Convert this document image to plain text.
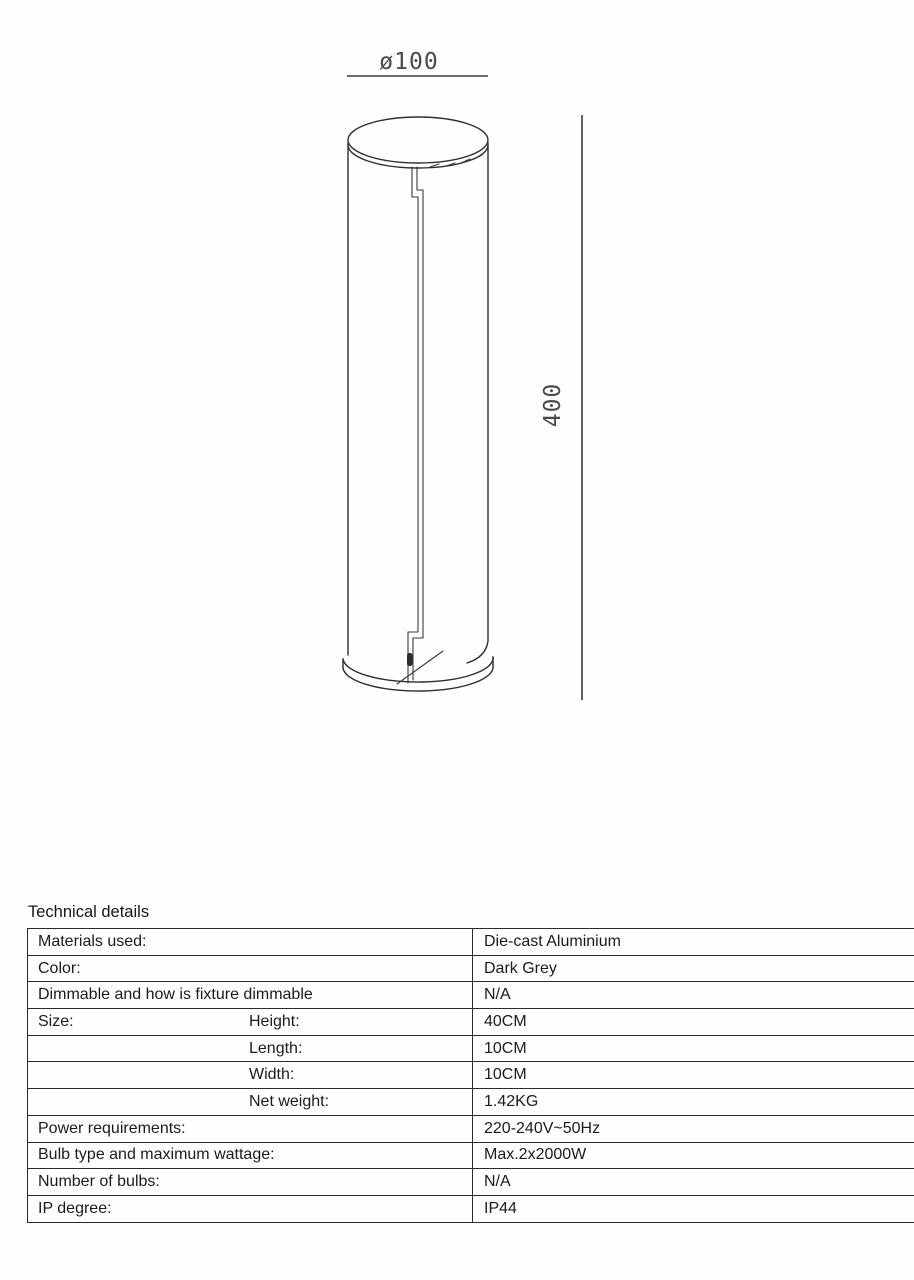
ø100
400
Technical details
Materials used:	Die-cast Aluminium
Color:	Dark Grey
Dimmable and how is fixture dimmable	N/A
Size: Height:	40CM
Length:	10CM
Width:	10CM
Net weight:	1.42KG
Power requirements:	220-240V~50Hz
Bulb type and maximum wattage:	Max.2x2000W
Number of bulbs:	N/A
IP degree:	IP44
